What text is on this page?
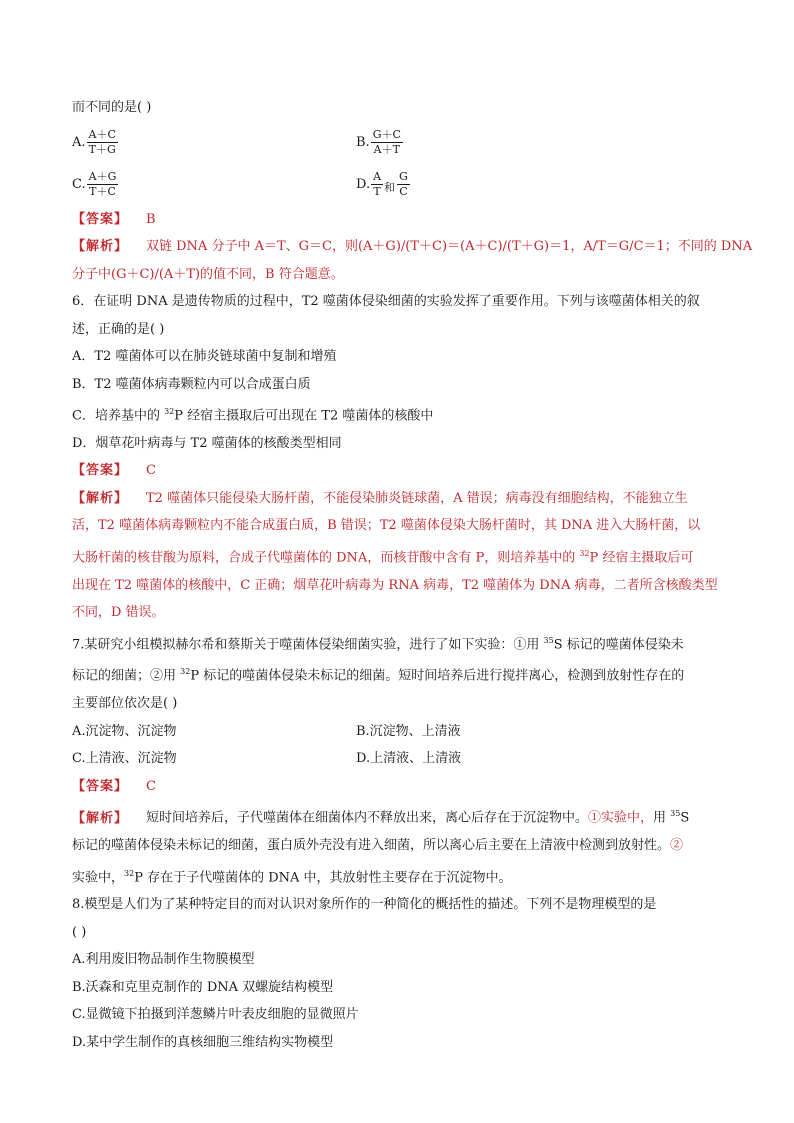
而不同的是( )
A. $\frac{A+C}{T+G}$	B. $\frac{G+C}{A+T}$
C. $\frac{A+G}{T+C}$	D. $\frac{A}{T}$ 和 $\frac{G}{C}$
【答案】 B
【解析】 双链 DNA 分子中 A＝T、G＝C，则(A＋G)/(T＋C)＝(A＋C)/(T＋G)＝1，A/T＝G/C＝1；不同的 DNA
分子中(G＋C)/(A＋T)的值不同，B 符合题意。
6．在证明 DNA 是遗传物质的过程中，T2 噬菌体侵染细菌的实验发挥了重要作用。下列与该噬菌体相关的叙
述，正确的是( )
A．T2 噬菌体可以在肺炎链球菌中复制和增殖
B．T2 噬菌体病毒颗粒内可以合成蛋白质
C．培养基中的 $^{32}$P 经宿主摄取后可出现在 T2 噬菌体的核酸中
D．烟草花叶病毒与 T2 噬菌体的核酸类型相同
【答案】 C
【解析】 T2 噬菌体只能侵染大肠杆菌，不能侵染肺炎链球菌，A 错误；病毒没有细胞结构，不能独立生
活，T2 噬菌体病毒颗粒内不能合成蛋白质，B 错误；T2 噬菌体侵染大肠杆菌时，其 DNA 进入大肠杆菌，以
大肠杆菌的核苷酸为原料，合成子代噬菌体的 DNA，而核苷酸中含有 P，则培养基中的 $^{32}$P 经宿主摄取后可
出现在 T2 噬菌体的核酸中，C 正确；烟草花叶病毒为 RNA 病毒，T2 噬菌体为 DNA 病毒，二者所含核酸类型
不同，D 错误。
7.某研究小组模拟赫尔希和蔡斯关于噬菌体侵染细菌实验，进行了如下实验：①用 $^{35}$S 标记的噬菌体侵染未
标记的细菌；②用 $^{32}$P 标记的噬菌体侵染未标记的细菌。短时间培养后进行搅拌离心，检测到放射性存在的
主要部位依次是( )
A.沉淀物、沉淀物	B.沉淀物、上清液
C.上清液、沉淀物	D.上清液、上清液
【答案】 C
【解析】 短时间培养后，子代噬菌体在细菌体内不释放出来，离心后存在于沉淀物中。①实验中，用 $^{35}$S
标记的噬菌体侵染未标记的细菌，蛋白质外壳没有进入细菌，所以离心后主要在上清液中检测到放射性。②
实验中，$^{32}$P 存在于子代噬菌体的 DNA 中，其放射性主要存在于沉淀物中。
8.模型是人们为了某种特定目的而对认识对象所作的一种简化的概括性的描述。下列不是物理模型的是
( )
A.利用废旧物品制作生物膜模型
B.沃森和克里克制作的 DNA 双螺旋结构模型
C.显微镜下拍摄到洋葱鳞片叶表皮细胞的显微照片
D.某中学生制作的真核细胞三维结构实物模型
